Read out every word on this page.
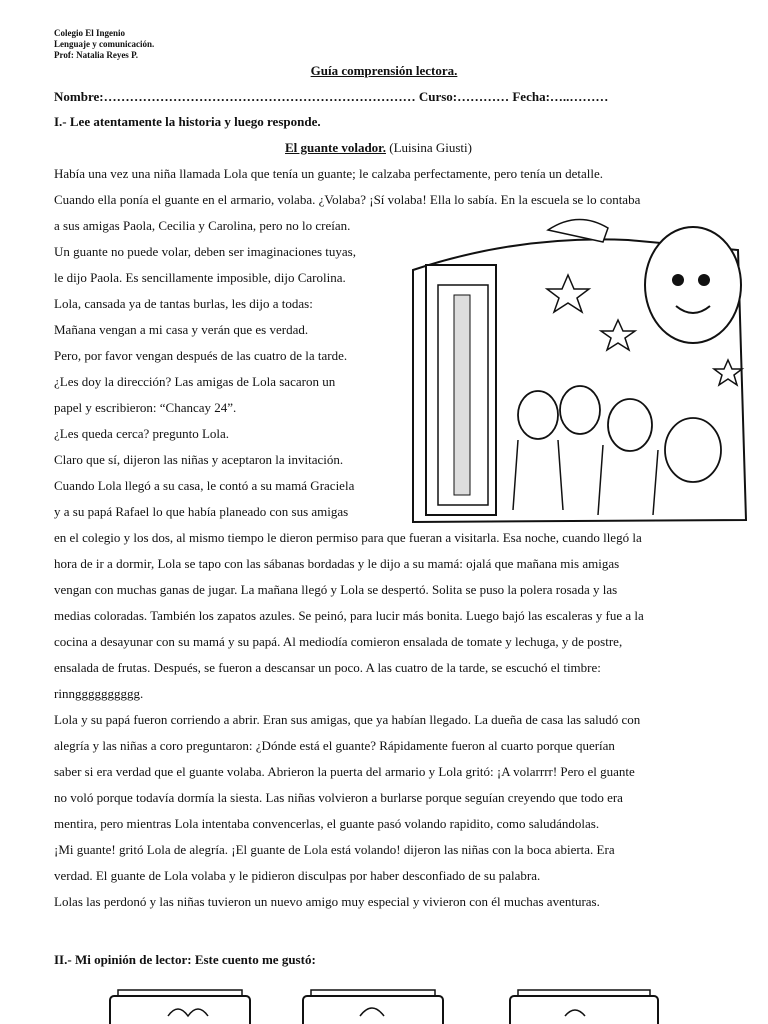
Colegio El Ingenio
Lenguaje y comunicación.
Prof: Natalia Reyes P.
Guía comprensión lectora.
Nombre:……………………………………………………………… Curso:………… Fecha:…..………
I.- Lee atentamente la historia y luego responde.
El guante volador. (Luisina Giusti)
Había una vez una niña llamada Lola que tenía un guante; le calzaba perfectamente, pero tenía un detalle.
Cuando ella ponía el guante en el armario, volaba. ¿Volaba? ¡Sí volaba! Ella lo sabía. En la escuela se lo contaba
a sus amigas Paola, Cecilia y Carolina, pero no lo creían.
Un guante no puede volar, deben ser imaginaciones tuyas,
le dijo Paola. Es sencillamente imposible, dijo Carolina.
Lola, cansada ya de tantas burlas, les dijo a todas:
Mañana vengan a mi casa y verán que es verdad.
Pero, por favor vengan después de las cuatro de la tarde.
¿Les doy la dirección? Las amigas de Lola sacaron un
papel y escribieron: “Chancay 24”.
¿Les queda cerca? pregunto Lola.
Claro que sí, dijeron las niñas y aceptaron la invitación.
Cuando Lola llegó a su casa, le contó a su mamá Graciela
y a su papá Rafael lo que había planeado con sus amigas
en el colegio y los dos, al mismo tiempo le dieron permiso para que fueran a visitarla. Esa noche, cuando llegó la
hora de ir a dormir, Lola se tapo con las sábanas bordadas y le dijo a su mamá: ojalá que mañana mis amigas
vengan con muchas ganas de jugar. La mañana llegó y Lola se despertó. Solita se puso la polera rosada y las
medias coloradas. También los zapatos azules. Se peinó, para lucir más bonita. Luego bajó las escaleras y fue a la
cocina a desayunar con su mamá y su papá. Al mediodía comieron ensalada de tomate y lechuga, y de postre,
ensalada de frutas. Después, se fueron a descansar un poco. A las cuatro de la tarde, se escuchó el timbre:
rinngggggggggg.
Lola y su papá fueron corriendo a abrir. Eran sus amigas, que ya habían llegado. La dueña de casa las saludó con
alegría y las niñas a coro preguntaron: ¿Dónde está el guante? Rápidamente fueron al cuarto porque querían
saber si era verdad que el guante volaba. Abrieron la puerta del armario y Lola gritó: ¡A volarrrr! Pero el guante
no voló porque todavía dormía la siesta. Las niñas volvieron a burlarse porque seguían creyendo que todo era
mentira, pero mientras Lola intentaba convencerlas, el guante pasó volando rapidito, como saludándolas.
¡Mi guante! gritó Lola de alegría. ¡El guante de Lola está volando! dijeron las niñas con la boca abierta. Era
verdad. El guante de Lola volaba y le pidieron disculpas por haber desconfiado de su palabra.
Lolas las perdonó y las niñas tuvieron un nuevo amigo muy especial y vivieron con él muchas aventuras.
II.- Mi opinión de lector: Este cuento me gustó:
